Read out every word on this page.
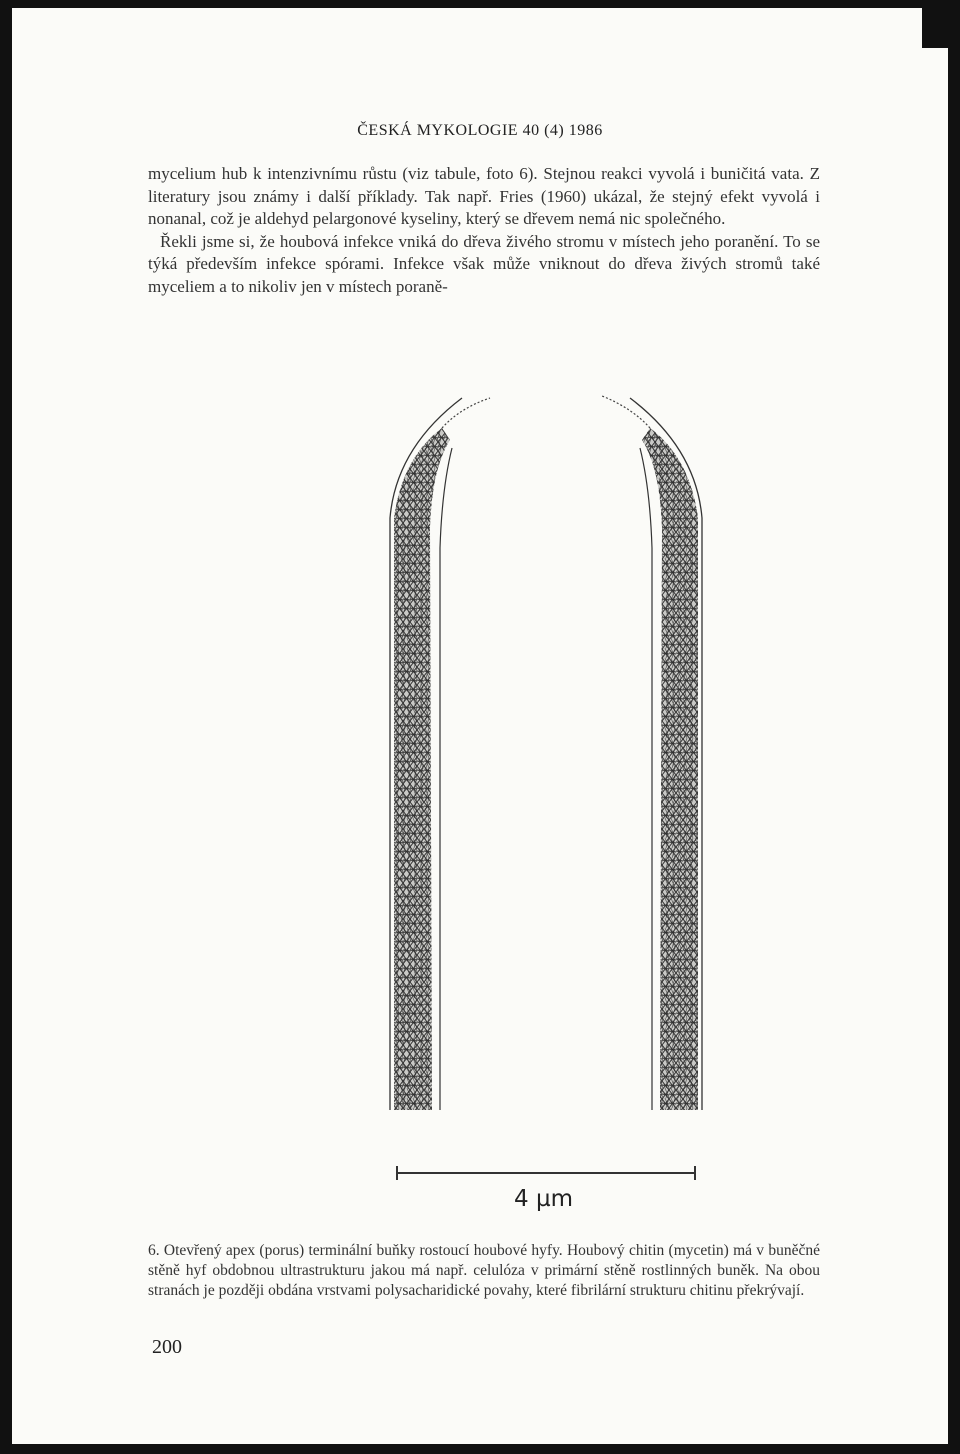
ČESKÁ MYKOLOGIE 40 (4) 1986

mycelium hub k intenzivnímu růstu (viz tabule, foto 6). Stejnou reakci vyvolá i buničitá vata. Z literatury jsou známy i další příklady. Tak např. Fries (1960) ukázal, že stejný efekt vyvolá i nonanal, což je aldehyd pelargonové kyseliny, který se dřevem nemá nic společného.

Řekli jsme si, že houbová infekce vniká do dřeva živého stromu v místech jeho poranění. To se týká především infekce spórami. Infekce však může vniknout do dřeva živých stromů také myceliem a to nikoliv jen v místech poraně-

4 µm
6. Otevřený apex (porus) terminální buňky rostoucí houbové hyfy. Houbový chitin (mycetin) má v buněčné stěně hyf obdobnou ultrastrukturu jakou má např. celulóza v primární stěně rostlinných buněk. Na obou stranách je později obdána vrstvami polysacharidické povahy, které fibrilární strukturu chitinu překrývají.
200
